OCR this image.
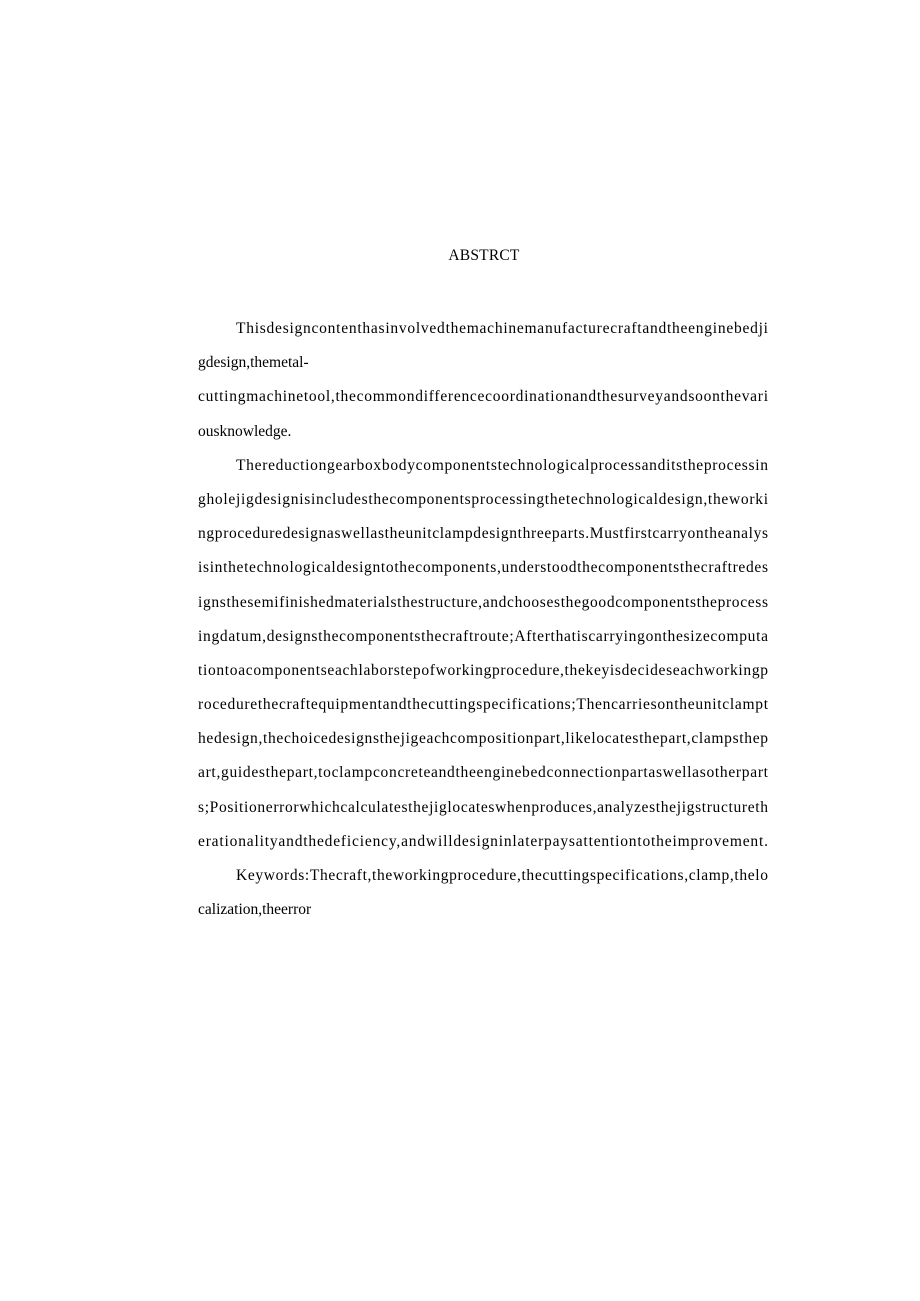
ABSTRCT
Thisdesigncontenthasinvolvedthemachinemanufacturecraftandtheenginebedji
gdesign,themetal-
cuttingmachinetool,thecommondifferencecoordinationandthesurveyandsoonthevari
ousknowledge.
Thereductiongearboxbodycomponentstechnologicalprocessanditstheprocessin
gholejigdesignisincludesthecomponentsprocessingthetechnologicaldesign,theworki
ngproceduredesignaswellastheunitclampdesignthreeparts.Mustfirstcarryontheanalys
isinthetechnologicaldesigntothecomponents,understoodthecomponentsthecraftredes
ignsthesemifinishedmaterialsthestructure,andchoosesthegoodcomponentstheprocess
ingdatum,designsthecomponentsthecraftroute;Afterthatiscarryingonthesizecomputa
tiontoacomponentseachlaborstepofworkingprocedure,thekeyisdecideseachworkingp
rocedurethecraftequipmentandthecuttingspecifications;Thencarriesontheunitclampt
hedesign,thechoicedesignsthejigeachcompositionpart,likelocatesthepart,clampsthep
art,guidesthepart,toclampconcreteandtheenginebedconnectionpartaswellasotherpart
s;Positionerrorwhichcalculatesthejiglocateswhenproduces,analyzesthejigstructureth
erationalityandthedeficiency,andwilldesigninlaterpaysattentiontotheimprovement.
Keywords:Thecraft,theworkingprocedure,thecuttingspecifications,clamp,thelo
calization,theerror
